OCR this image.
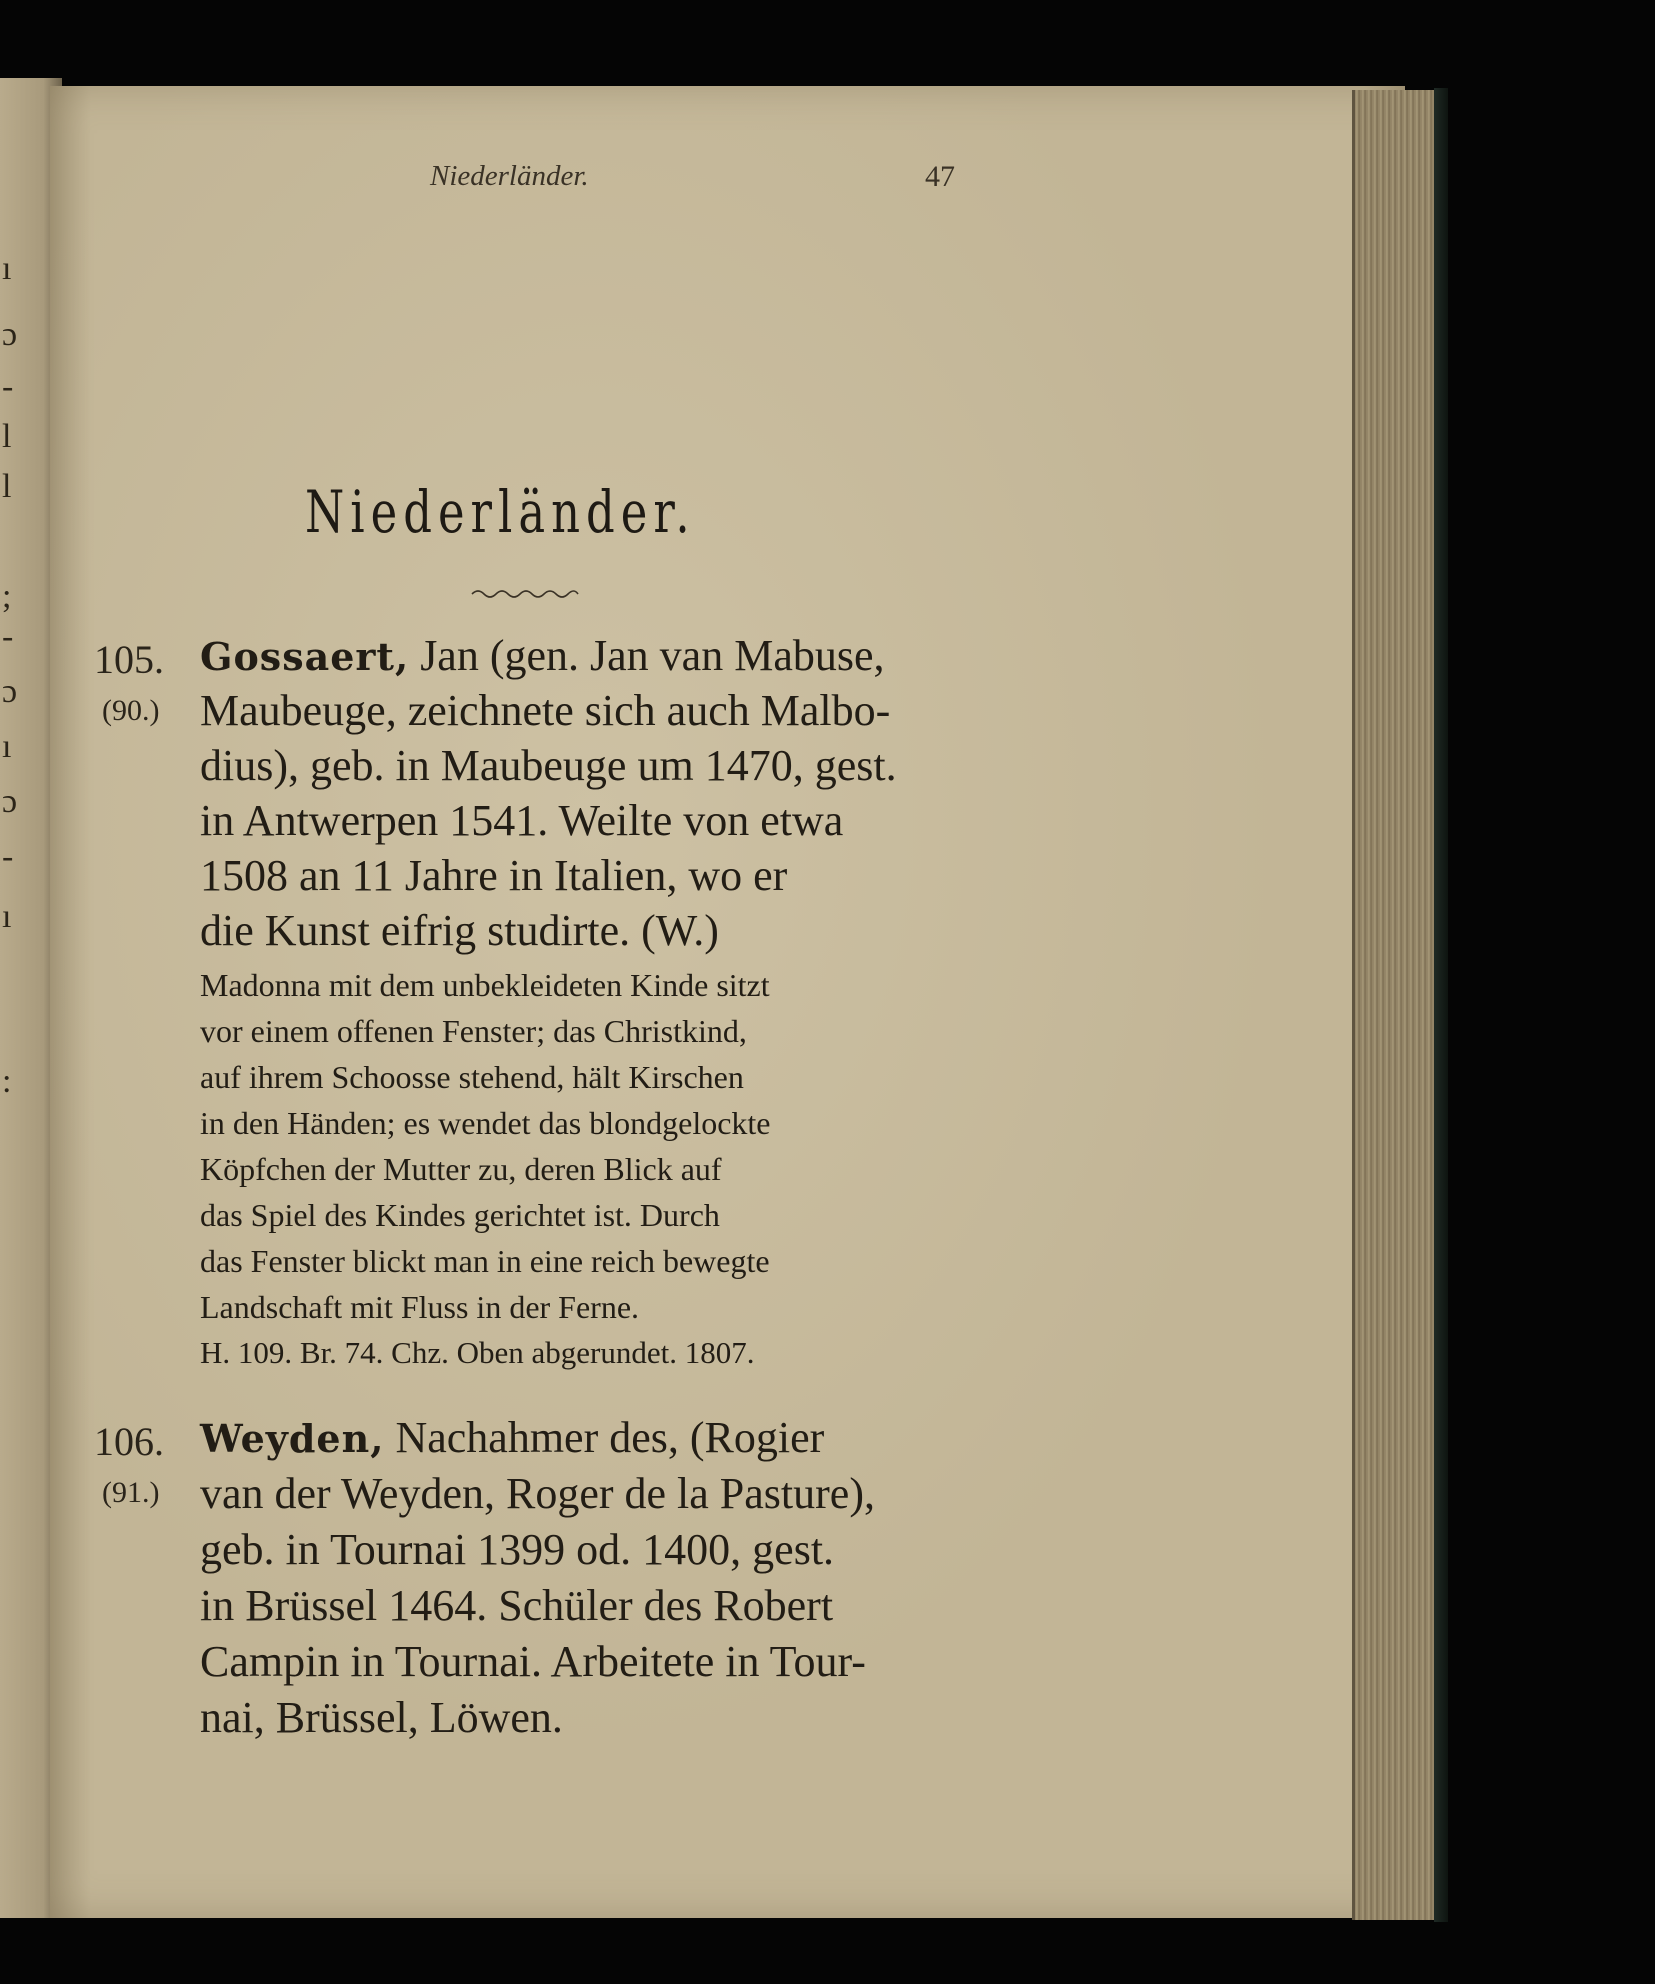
ı
ɔ
-
l
l
;
-
ɔ
ı
ɔ
-
ı
:
Niederländer.	47
Niederländer.
105.
(90.)
Gossaert, Jan (gen. Jan van Mabuse,
Maubeuge, zeichnete sich auch Malbo-
dius), geb. in Maubeuge um 1470, gest.
in Antwerpen 1541. Weilte von etwa
1508 an 11 Jahre in Italien, wo er
die Kunst eifrig studirte. (W.)
Madonna mit dem unbekleideten Kinde sitzt
vor einem offenen Fenster; das Christkind,
auf ihrem Schoosse stehend, hält Kirschen
in den Händen; es wendet das blondgelockte
Köpfchen der Mutter zu, deren Blick auf
das Spiel des Kindes gerichtet ist. Durch
das Fenster blickt man in eine reich bewegte
Landschaft mit Fluss in der Ferne.
H. 109. Br. 74. Chz. Oben abgerundet. 1807.
106.
(91.)
Weyden, Nachahmer des, (Rogier
van der Weyden, Roger de la Pasture),
geb. in Tournai 1399 od. 1400, gest.
in Brüssel 1464. Schüler des Robert
Campin in Tournai. Arbeitete in Tour-
nai, Brüssel, Löwen.
